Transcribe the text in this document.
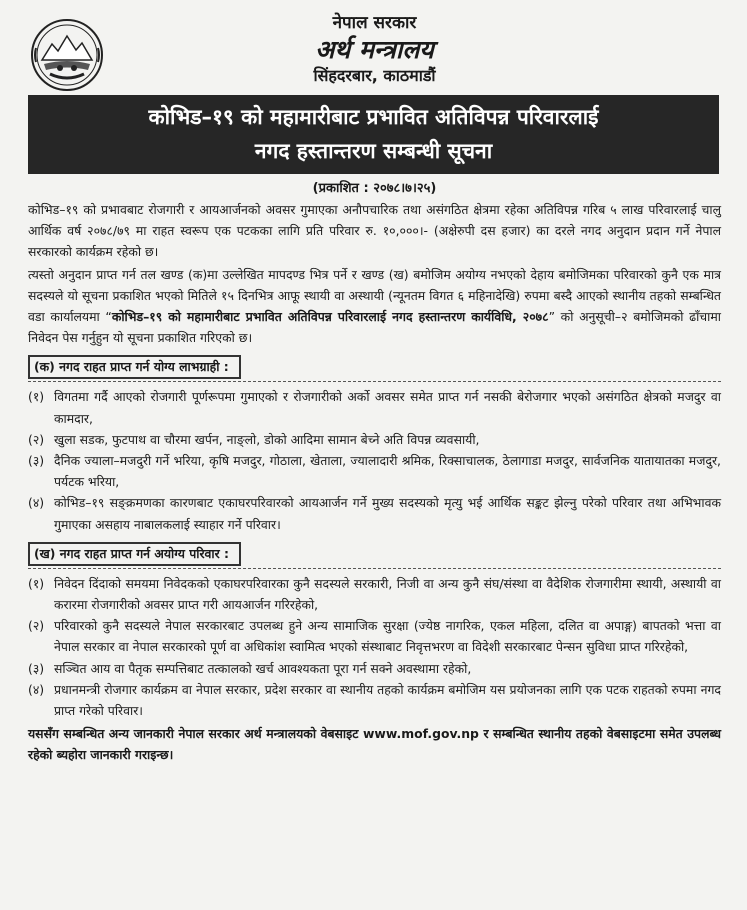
नेपाल सरकार
अर्थ मन्त्रालय
सिंहदरबार, काठमाडौं
कोभिड–१९ को महामारीबाट प्रभावित अतिविपन्न परिवारलाई
नगद हस्तान्तरण सम्बन्धी सूचना
(प्रकाशित : २०७८।७।२५)

कोभिड–१९ को प्रभावबाट रोजगारी र आयआर्जनको अवसर गुमाएका अनौपचारिक तथा असंगठित क्षेत्रमा रहेका अतिविपन्न गरिब ५ लाख परिवारलाई चालु आर्थिक वर्ष २०७८/७९ मा राहत स्वरूप एक पटकका लागि प्रति परिवार रु. १०,०००।- (अक्षेरुपी दस हजार) का दरले नगद अनुदान प्रदान गर्ने नेपाल सरकारको कार्यक्रम रहेको छ।

त्यस्तो अनुदान प्राप्त गर्न तल खण्ड (क)मा उल्लेखित मापदण्ड भित्र पर्ने र खण्ड (ख) बमोजिम अयोग्य नभएको देहाय बमोजिमका परिवारको कुनै एक मात्र सदस्यले यो सूचना प्रकाशित भएको मितिले १५ दिनभित्र आफू स्थायी वा अस्थायी (न्यूनतम विगत ६ महिनादेखि) रुपमा बस्दै आएको स्थानीय तहको सम्बन्धित वडा कार्यालयमा “कोभिड–१९ को महामारीबाट प्रभावित अतिविपन्न परिवारलाई नगद हस्तान्तरण कार्यविधि, २०७८” को अनुसूची–२ बमोजिमको ढाँचामा निवेदन पेस गर्नुहुन यो सूचना प्रकाशित गरिएको छ।

(क) नगद राहत प्राप्त गर्न योग्य लाभग्राही :
(१) विगतमा गर्दै आएको रोजगारी पूर्णरूपमा गुमाएको र रोजगारीको अर्को अवसर समेत प्राप्त गर्न नसकी बेरोजगार भएको असंगठित क्षेत्रको मजदुर वा कामदार,
(२) खुला सडक, फुटपाथ वा चौरमा खर्पन, नाङ्लो, डोको आदिमा सामान बेच्ने अति विपन्न व्यवसायी,
(३) दैनिक ज्याला–मजदुरी गर्ने भरिया, कृषि मजदुर, गोठाला, खेताला, ज्यालादारी श्रमिक, रिक्साचालक, ठेलागाडा मजदुर, सार्वजनिक यातायातका मजदुर, पर्यटक भरिया,
(४) कोभिड–१९ सङ्क्रमणका कारणबाट एकाघरपरिवारको आयआर्जन गर्ने मुख्य सदस्यको मृत्यु भई आर्थिक सङ्कट झेल्नु परेको परिवार तथा अभिभावक गुमाएका असहाय नाबालकलाई स्याहार गर्ने परिवार।
(ख) नगद राहत प्राप्त गर्न अयोग्य परिवार :
(१) निवेदन दिंदाको समयमा निवेदकको एकाघरपरिवारका कुनै सदस्यले सरकारी, निजी वा अन्य कुनै संघ/संस्था वा वैदेशिक रोजगारीमा स्थायी, अस्थायी वा करारमा रोजगारीको अवसर प्राप्त गरी आयआर्जन गरिरहेको,
(२) परिवारको कुनै सदस्यले नेपाल सरकारबाट उपलब्ध हुने अन्य सामाजिक सुरक्षा (ज्येष्ठ नागरिक, एकल महिला, दलित वा अपाङ्ग) बापतको भत्ता वा नेपाल सरकार वा नेपाल सरकारको पूर्ण वा अधिकांश स्वामित्व भएको संस्थाबाट निवृत्तभरण वा विदेशी सरकारबाट पेन्सन सुविधा प्राप्त गरिरहेको,
(३) सञ्चित आय वा पैतृक सम्पत्तिबाट तत्कालको खर्च आवश्यकता पूरा गर्न सक्ने अवस्थामा रहेको,
(४) प्रधानमन्त्री रोजगार कार्यक्रम वा नेपाल सरकार, प्रदेश सरकार वा स्थानीय तहको कार्यक्रम बमोजिम यस प्रयोजनका लागि एक पटक राहतको रुपमा नगद प्राप्त गरेको परिवार।
यससँग सम्बन्धित अन्य जानकारी नेपाल सरकार अर्थ मन्त्रालयको वेबसाइट www.mof.gov.np र सम्बन्धित स्थानीय तहको वेबसाइटमा समेत उपलब्ध रहेको ब्यहोरा जानकारी गराइन्छ।
